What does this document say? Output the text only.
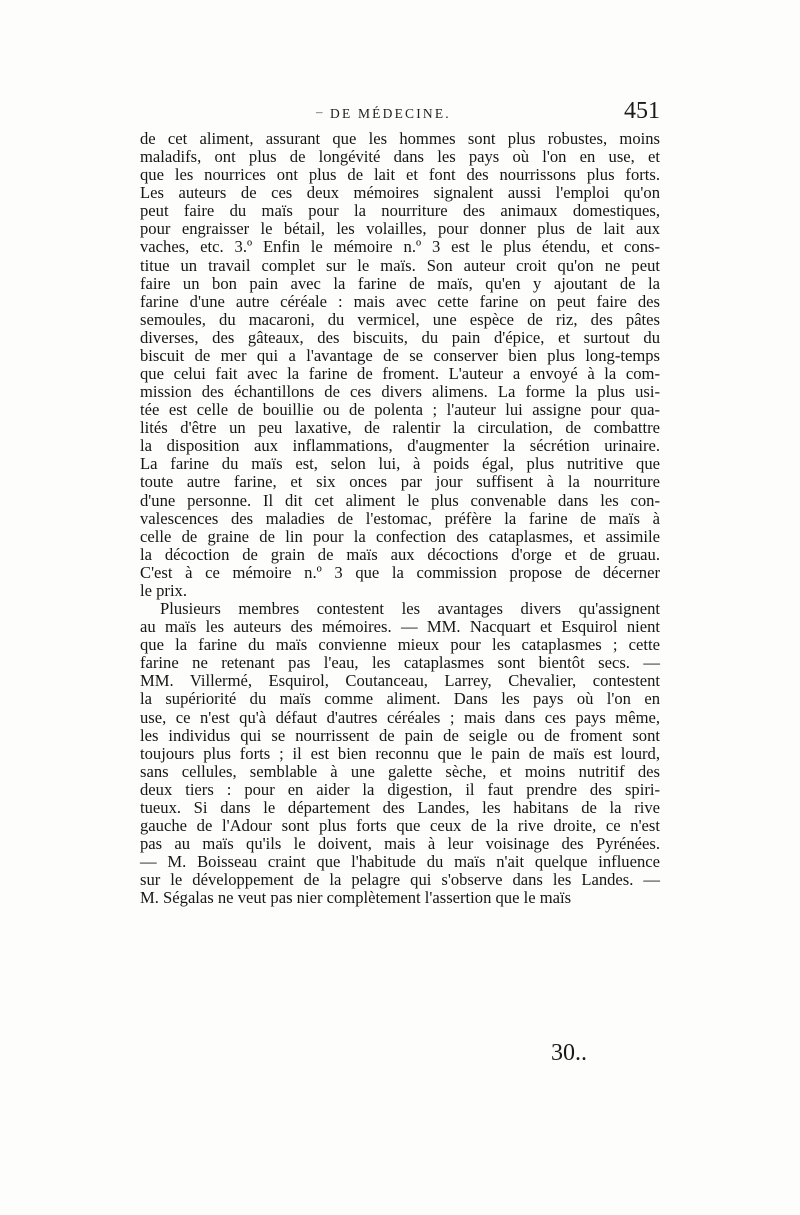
– DE MÉDECINE.	451
de cet aliment, assurant que les hommes sont plus robustes, moins
maladifs, ont plus de longévité dans les pays où l'on en use, et
que les nourrices ont plus de lait et font des nourrissons plus forts.
Les auteurs de ces deux mémoires signalent aussi l'emploi qu'on
peut faire du maïs pour la nourriture des animaux domestiques,
pour engraisser le bétail, les volailles, pour donner plus de lait aux
vaches, etc. 3.º Enfin le mémoire n.º 3 est le plus étendu, et cons-
titue un travail complet sur le maïs. Son auteur croit qu'on ne peut
faire un bon pain avec la farine de maïs, qu'en y ajoutant de la
farine d'une autre céréale : mais avec cette farine on peut faire des
semoules, du macaroni, du vermicel, une espèce de riz, des pâtes
diverses, des gâteaux, des biscuits, du pain d'épice, et surtout du
biscuit de mer qui a l'avantage de se conserver bien plus long-temps
que celui fait avec la farine de froment. L'auteur a envoyé à la com-
mission des échantillons de ces divers alimens. La forme la plus usi-
tée est celle de bouillie ou de polenta ; l'auteur lui assigne pour qua-
lités d'être un peu laxative, de ralentir la circulation, de combattre
la disposition aux inflammations, d'augmenter la sécrétion urinaire.
La farine du maïs est, selon lui, à poids égal, plus nutritive que
toute autre farine, et six onces par jour suffisent à la nourriture
d'une personne. Il dit cet aliment le plus convenable dans les con-
valescences des maladies de l'estomac, préfère la farine de maïs à
celle de graine de lin pour la confection des cataplasmes, et assimile
la décoction de grain de maïs aux décoctions d'orge et de gruau.
C'est à ce mémoire n.º 3 que la commission propose de décerner
le prix.
Plusieurs membres contestent les avantages divers qu'assignent
au maïs les auteurs des mémoires. — MM. Nacquart et Esquirol nient
que la farine du maïs convienne mieux pour les cataplasmes ; cette
farine ne retenant pas l'eau, les cataplasmes sont bientôt secs. —
MM. Villermé, Esquirol, Coutanceau, Larrey, Chevalier, contestent
la supériorité du maïs comme aliment. Dans les pays où l'on en
use, ce n'est qu'à défaut d'autres céréales ; mais dans ces pays même,
les individus qui se nourrissent de pain de seigle ou de froment sont
toujours plus forts ; il est bien reconnu que le pain de maïs est lourd,
sans cellules, semblable à une galette sèche, et moins nutritif des
deux tiers : pour en aider la digestion, il faut prendre des spiri-
tueux. Si dans le département des Landes, les habitans de la rive
gauche de l'Adour sont plus forts que ceux de la rive droite, ce n'est
pas au maïs qu'ils le doivent, mais à leur voisinage des Pyrénées.
— M. Boisseau craint que l'habitude du maïs n'ait quelque influence
sur le développement de la pelagre qui s'observe dans les Landes. —
M. Ségalas ne veut pas nier complètement l'assertion que le maïs
30..
